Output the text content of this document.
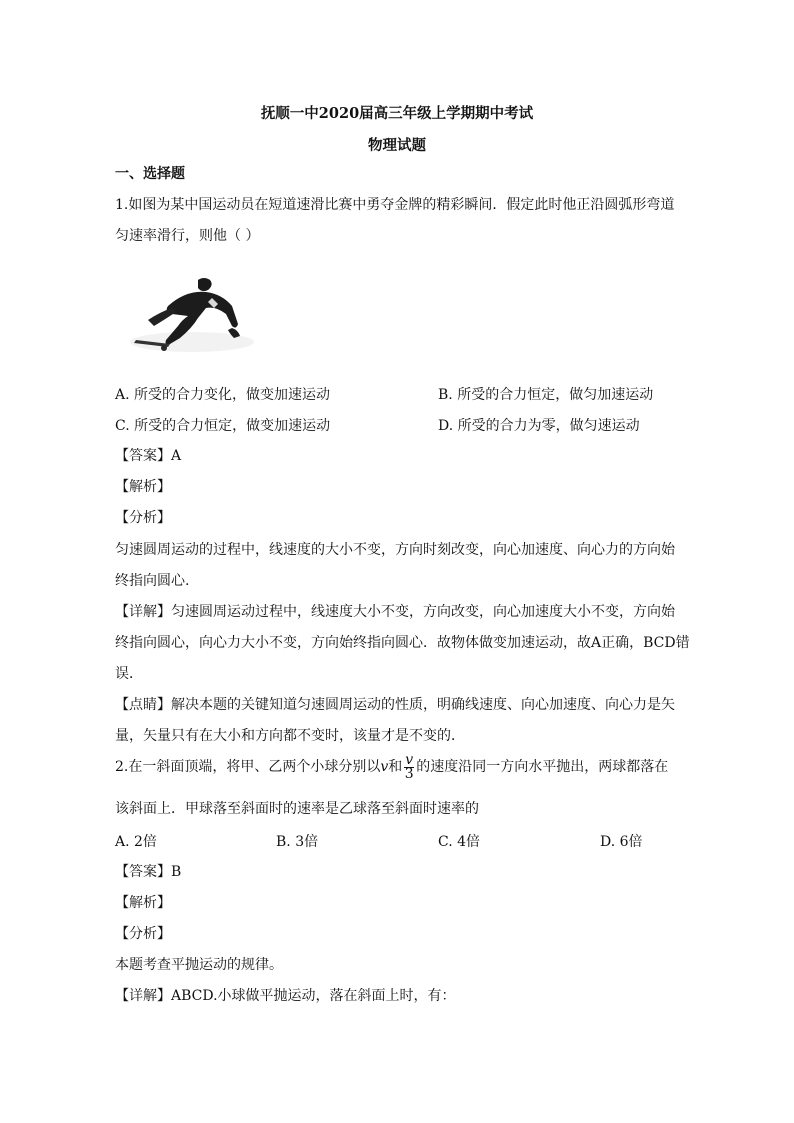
抚顺一中2020届高三年级上学期期中考试
物理试题
一、选择题
1.如图为某中国运动员在短道速滑比赛中勇夺金牌的精彩瞬间．假定此时他正沿圆弧形弯道
匀速率滑行，则他（ ）
A. 所受的合力变化，做变加速运动	B. 所受的合力恒定，做匀加速运动
C. 所受的合力恒定，做变加速运动	D. 所受的合力为零，做匀速运动
【答案】A
【解析】
【分析】
匀速圆周运动的过程中，线速度的大小不变，方向时刻改变，向心加速度、向心力的方向始
终指向圆心.
【详解】匀速圆周运动过程中，线速度大小不变，方向改变，向心加速度大小不变，方向始
终指向圆心，向心力大小不变，方向始终指向圆心．故物体做变加速运动，故A正确，BCD错
误．
【点睛】解决本题的关键知道匀速圆周运动的性质，明确线速度、向心加速度、向心力是矢
量，矢量只有在大小和方向都不变时，该量才是不变的．
2.在一斜面顶端，将甲、乙两个小球分别以v和 $\frac{v}{3}$ 的速度沿同一方向水平抛出，两球都落在
该斜面上．甲球落至斜面时的速率是乙球落至斜面时速率的
A. 2倍	B. 3倍	C. 4倍	D. 6倍
【答案】B
【解析】
【分析】
本题考查平抛运动的规律。
【详解】ABCD.小球做平抛运动，落在斜面上时，有：
